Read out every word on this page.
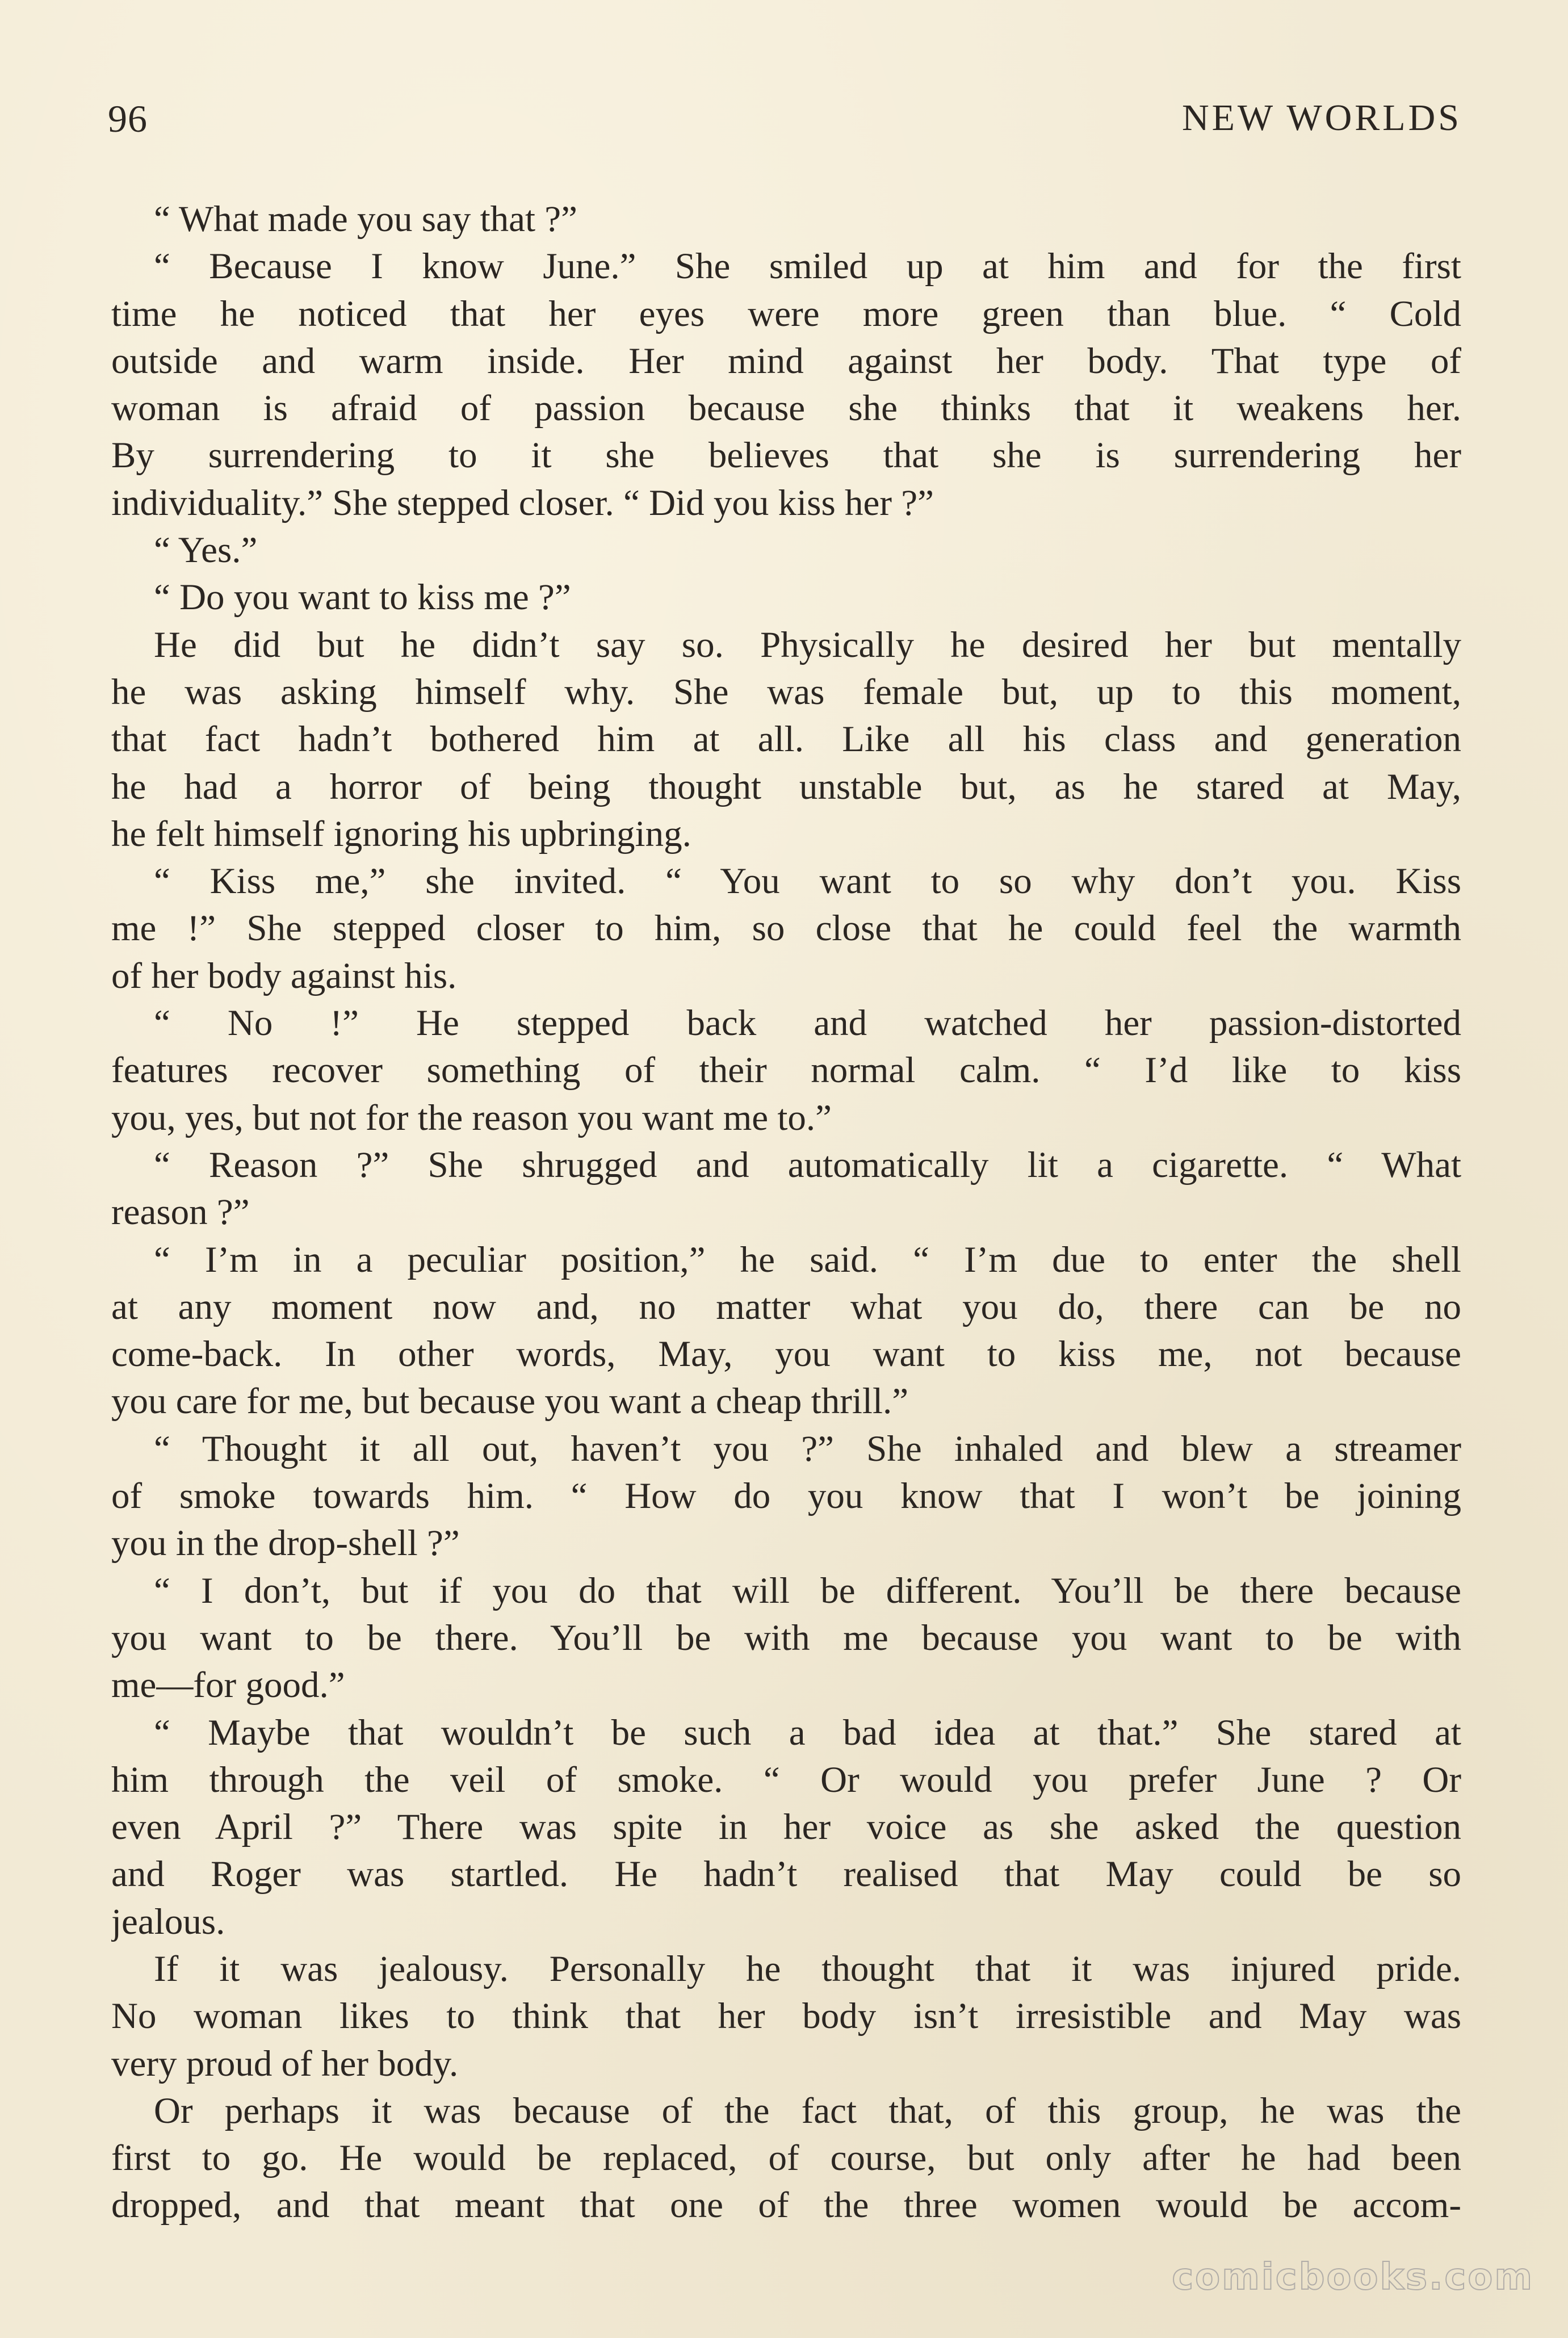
96	NEW WORLDS
“ What made you say that ?”
“ Because I know June.” She smiled up at him and for the first
time he noticed that her eyes were more green than blue. “ Cold
outside and warm inside. Her mind against her body. That type of
woman is afraid of passion because she thinks that it weakens her.
By surrendering to it she believes that she is surrendering her
individuality.” She stepped closer. “ Did you kiss her ?”
“ Yes.”
“ Do you want to kiss me ?”
He did but he didn’t say so. Physically he desired her but mentally
he was asking himself why. She was female but, up to this moment,
that fact hadn’t bothered him at all. Like all his class and generation
he had a horror of being thought unstable but, as he stared at May,
he felt himself ignoring his upbringing.
“ Kiss me,” she invited. “ You want to so why don’t you. Kiss
me !” She stepped closer to him, so close that he could feel the warmth
of her body against his.
“ No !” He stepped back and watched her passion-distorted
features recover something of their normal calm. “ I’d like to kiss
you, yes, but not for the reason you want me to.”
“ Reason ?” She shrugged and automatically lit a cigarette. “ What
reason ?”
“ I’m in a peculiar position,” he said. “ I’m due to enter the shell
at any moment now and, no matter what you do, there can be no
come-back. In other words, May, you want to kiss me, not because
you care for me, but because you want a cheap thrill.”
“ Thought it all out, haven’t you ?” She inhaled and blew a streamer
of smoke towards him. “ How do you know that I won’t be joining
you in the drop-shell ?”
“ I don’t, but if you do that will be different. You’ll be there because
you want to be there. You’ll be with me because you want to be with
me—for good.”
“ Maybe that wouldn’t be such a bad idea at that.” She stared at
him through the veil of smoke. “ Or would you prefer June ? Or
even April ?” There was spite in her voice as she asked the question
and Roger was startled. He hadn’t realised that May could be so
jealous.
If it was jealousy. Personally he thought that it was injured pride.
No woman likes to think that her body isn’t irresistible and May was
very proud of her body.
Or perhaps it was because of the fact that, of this group, he was the
first to go. He would be replaced, of course, but only after he had been
dropped, and that meant that one of the three women would be accom-
comicbooks.com
